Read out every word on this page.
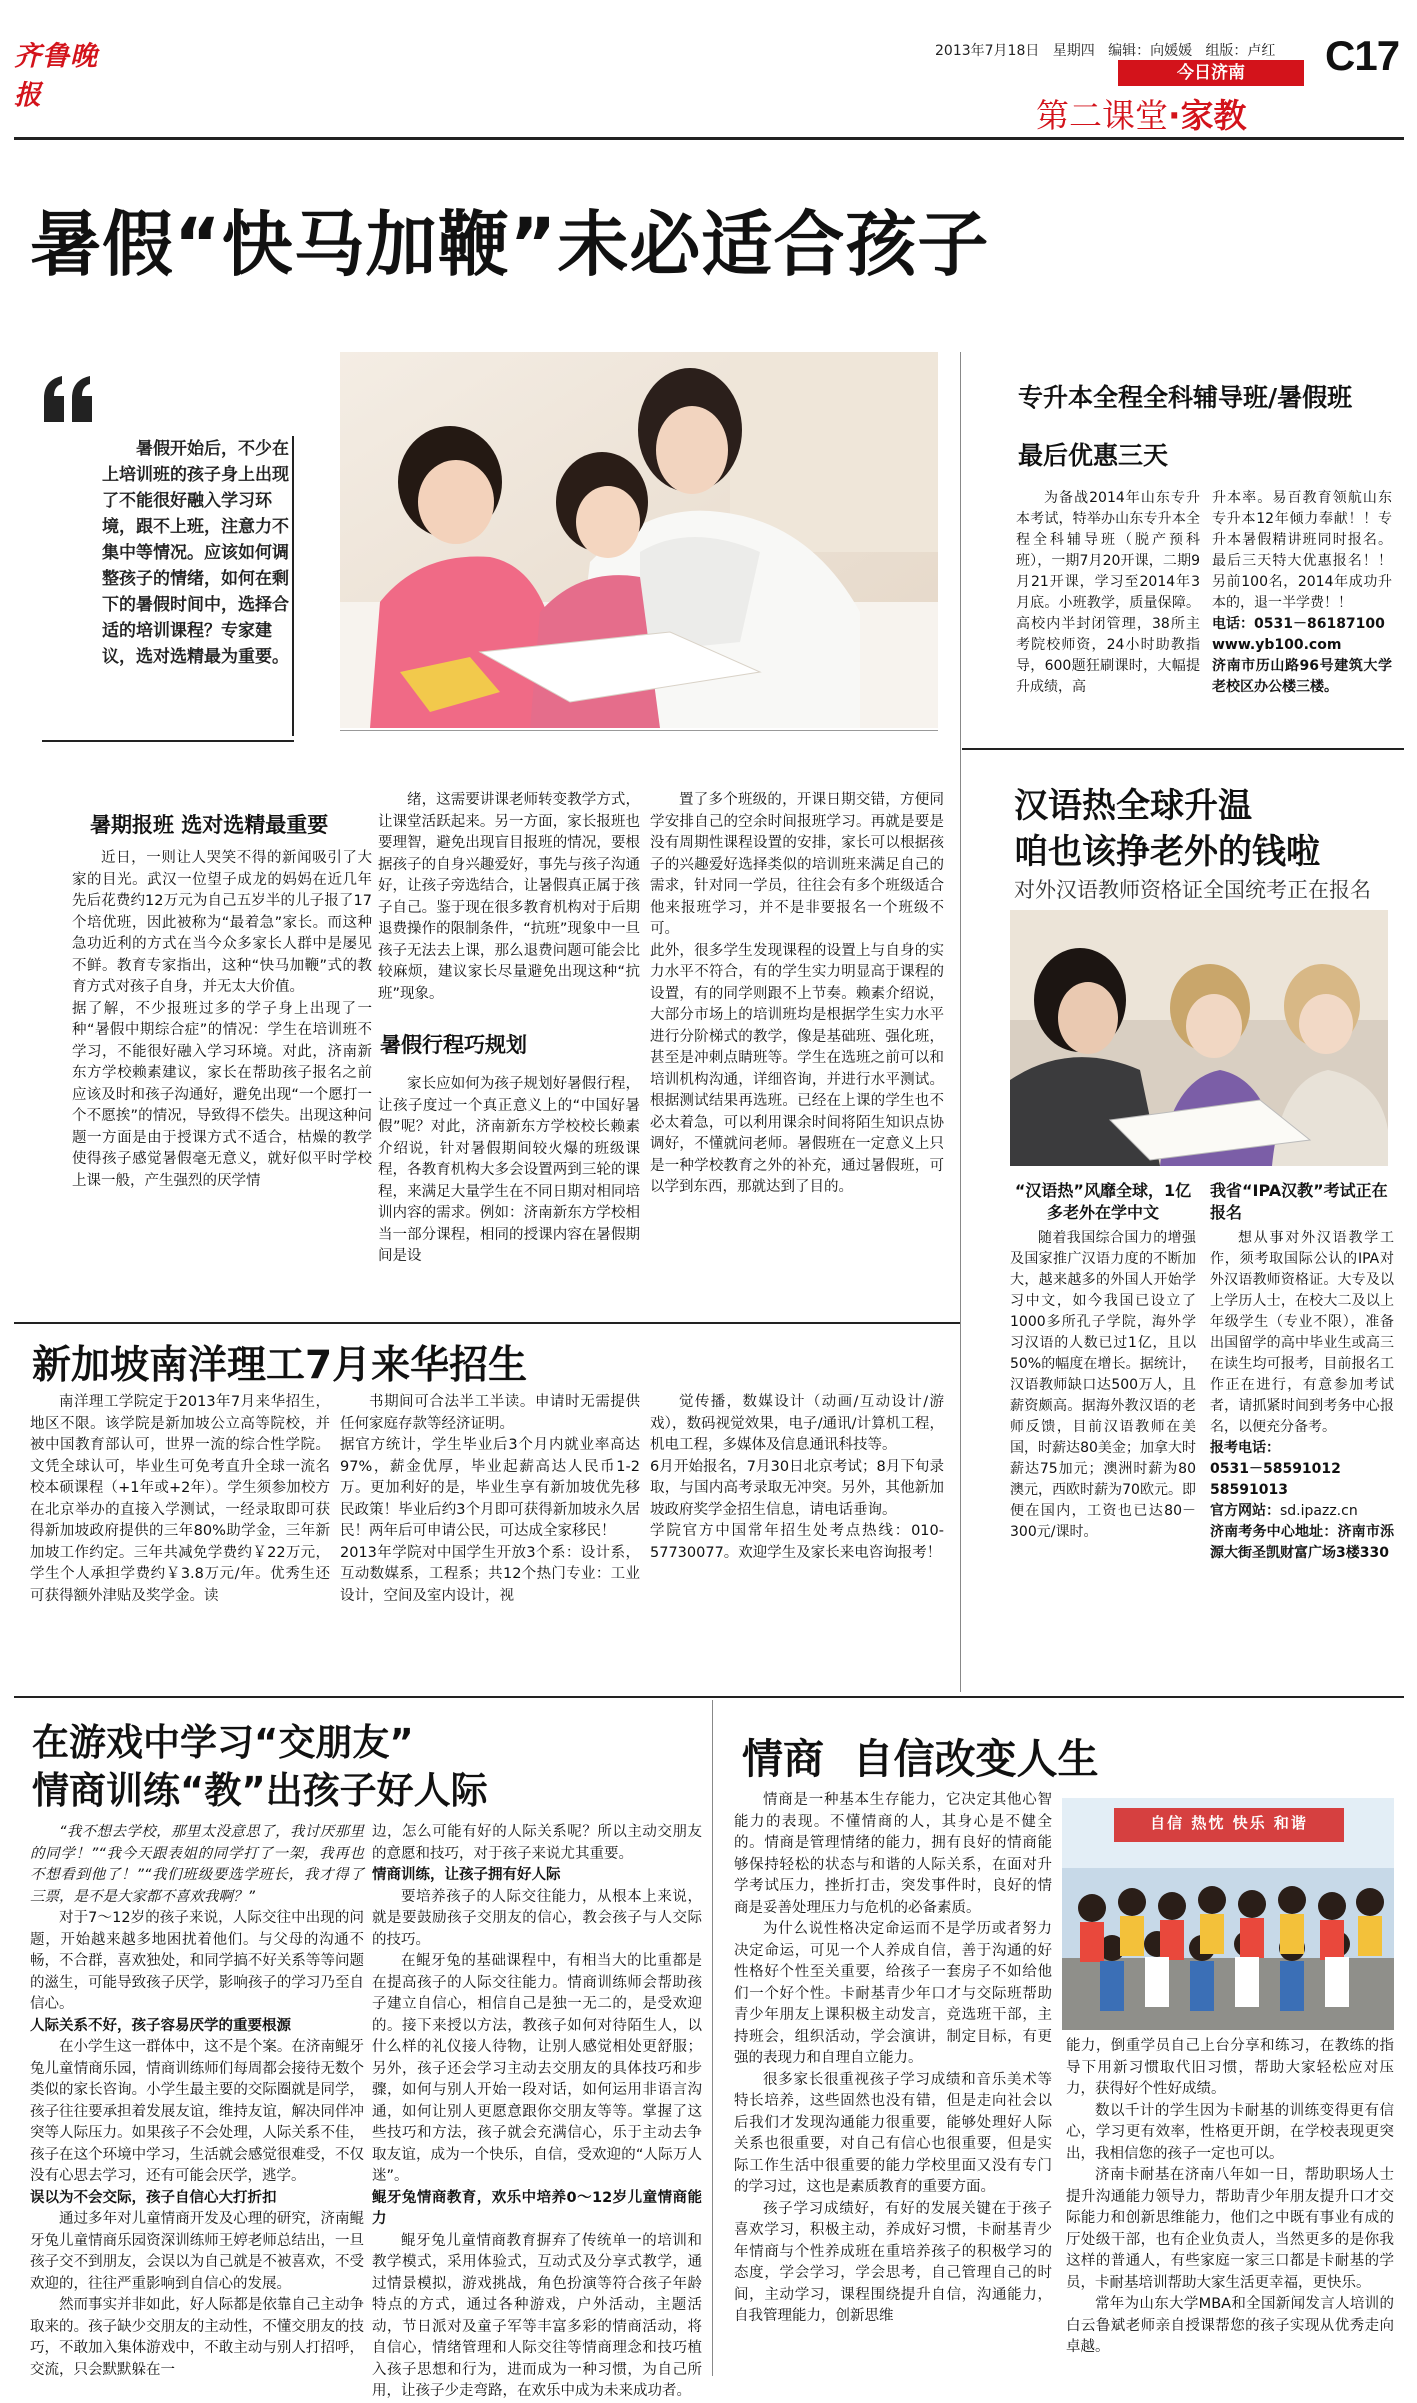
齐鲁晚报
2013年7月18日 星期四 编辑：向媛媛 组版：卢红 C17
今日济南
第二课堂·家教
暑假“快马加鞭”未必适合孩子
暑假开始后，不少在上培训班的孩子身上出现了不能很好融入学习环境，跟不上班，注意力不集中等情况。应该如何调整孩子的情绪，如何在剩下的暑假时间中，选择合适的培训课程？专家建议，选对选精最为重要。
暑期报班 选对选精最重要

近日，一则让人哭笑不得的新闻吸引了大家的目光。武汉一位望子成龙的妈妈在近几年先后花费约12万元为自己五岁半的儿子报了17个培优班，因此被称为“最着急”家长。而这种急功近利的方式在当今众多家长人群中是屡见不鲜。教育专家指出，这种“快马加鞭”式的教育方式对孩子自身，并无太大价值。
据了解，不少报班过多的学子身上出现了一种“暑假中期综合症”的情况：学生在培训班不学习，不能很好融入学习环境。对此，济南新东方学校赖素建议，家长在帮助孩子报名之前应该及时和孩子沟通好，避免出现“一个愿打一个不愿挨”的情况，导致得不偿失。出现这种问题一方面是由于授课方式不适合，枯燥的教学使得孩子感觉暑假毫无意义，就好似平时学校上课一般，产生强烈的厌学情

绪，这需要讲课老师转变教学方式，让课堂活跃起来。另一方面，家长报班也要理智，避免出现盲目报班的情况，要根据孩子的自身兴趣爱好，事先与孩子沟通好，让孩子旁选结合，让暑假真正属于孩子自己。鉴于现在很多教育机构对于后期退费操作的限制条件，“抗班”现象中一旦孩子无法去上课，那么退费问题可能会比较麻烦，建议家长尽量避免出现这种“抗班”现象。

暑假行程巧规划

家长应如何为孩子规划好暑假行程，让孩子度过一个真正意义上的“中国好暑假”呢？对此，济南新东方学校校长赖素介绍说，针对暑假期间较火爆的班级课程，各教育机构大多会设置两到三轮的课程，来满足大量学生在不同日期对相同培训内容的需求。例如：济南新东方学校相当一部分课程，相同的授课内容在暑假期间是设

置了多个班级的，开课日期交错，方便同学安排自己的空余时间报班学习。再就是要是没有周期性课程设置的安排，家长可以根据孩子的兴趣爱好选择类似的培训班来满足自己的需求，针对同一学员，往往会有多个班级适合他来报班学习，并不是非要报名一个班级不可。
此外，很多学生发现课程的设置上与自身的实力水平不符合，有的学生实力明显高于课程的设置，有的同学则跟不上节奏。赖素介绍说，大部分市场上的培训班均是根据学生实力水平进行分阶梯式的教学，像是基础班、强化班，甚至是冲刺点睛班等。学生在选班之前可以和培训机构沟通，详细咨询，并进行水平测试。根据测试结果再选班。已经在上课的学生也不必太着急，可以利用课余时间将陌生知识点协调好，不懂就问老师。暑假班在一定意义上只是一种学校教育之外的补充，通过暑假班，可以学到东西，那就达到了目的。

专升本全程全科辅导班/暑假班
最后优惠三天

为备战2014年山东专升本考试，特举办山东专升本全程全科辅导班（脱产预科班），一期7月20开课，二期9月21开课，学习至2014年3月底。小班教学，质量保障。高校内半封闭管理，38所主考院校师资，24小时助教指导，600题狂刷课时，大幅提升成绩，高

升本率。易百教育领航山东专升本12年倾力奉献！！专升本暑假精讲班同时报名。最后三天特大优惠报名！！另前100名，2014年成功升本的，退一半学费！！

电话：0531－86187100

www.yb100.com

济南市历山路96号建筑大学老校区办公楼三楼。

汉语热全球升温
咱也该挣老外的钱啦
对外汉语教师资格证全国统考正在报名
“汉语热”风靡全球，1亿多老外在学中文

随着我国综合国力的增强及国家推广汉语力度的不断加大，越来越多的外国人开始学习中文，如今我国已设立了1000多所孔子学院，海外学习汉语的人数已过1亿，且以50%的幅度在增长。据统计，汉语教师缺口达500万人，且薪资颇高。据海外教汉语的老师反馈，目前汉语教师在美国，时薪达80美金；加拿大时薪达75加元；澳洲时薪为80澳元，西欧时薪为70欧元。即便在国内，工资也已达80－300元/课时。

我省“IPA汉教”考试正在报名

想从事对外汉语教学工作，须考取国际公认的IPA对外汉语教师资格证。大专及以上学历人士，在校大二及以上年级学生（专业不限），准备出国留学的高中毕业生或高三在读生均可报考，目前报名工作正在进行，有意参加考试者，请抓紧时间到考务中心报名，以便充分备考。

报考电话：

0531－58591012 58591013

官方网站：sd.ipazz.cn

济南考务中心地址：济南市泺源大街圣凯财富广场3楼330

新加坡南洋理工7月来华招生

南洋理工学院定于2013年7月来华招生，地区不限。该学院是新加坡公立高等院校，并被中国教育部认可，世界一流的综合性学院。文凭全球认可，毕业生可免考直升全球一流名校本硕课程（+1年或+2年）。学生须参加校方在北京举办的直接入学测试，一经录取即可获得新加坡政府提供的三年80%助学金，三年新加坡工作约定。三年共减免学费约￥22万元，学生个人承担学费约￥3.8万元/年。优秀生还可获得额外津贴及奖学金。读

书期间可合法半工半读。申请时无需提供任何家庭存款等经济证明。
据官方统计，学生毕业后3个月内就业率高达97%，薪金优厚，毕业起薪高达人民币1-2万。更加利好的是，毕业生享有新加坡优先移民政策！毕业后约3个月即可获得新加坡永久居民！两年后可申请公民，可达成全家移民！
2013年学院对中国学生开放3个系：设计系，互动数媒系，工程系；共12个热门专业：工业设计，空间及室内设计，视

觉传播，数媒设计（动画/互动设计/游戏），数码视觉效果，电子/通讯/计算机工程，机电工程，多媒体及信息通讯科技等。
6月开始报名，7月30日北京考试；8月下旬录取，与国内高考录取无冲突。另外，其他新加坡政府奖学金招生信息，请电话垂询。
学院官方中国常年招生处考点热线：010-57730077。欢迎学生及家长来电咨询报考！

在游戏中学习“交朋友”
情商训练“教”出孩子好人际

“我不想去学校，那里太没意思了，我讨厌那里的同学！”“我今天跟表姐的同学打了一架，我再也不想看到他了！”“我们班级要选学班长，我才得了三票，是不是大家都不喜欢我啊？”

对于7～12岁的孩子来说，人际交往中出现的问题，开始越来越多地困扰着他们。与父母的沟通不畅，不合群，喜欢独处，和同学搞不好关系等等问题的滋生，可能导致孩子厌学，影响孩子的学习乃至自信心。

人际关系不好，孩子容易厌学的重要根源

在小学生这一群体中，这不是个案。在济南鲲牙兔儿童情商乐园，情商训练师们每周都会接待无数个类似的家长咨询。小学生最主要的交际圈就是同学，孩子往往要承担着发展友谊，维持友谊，解决同伴冲突等人际压力。如果孩子不会处理，人际关系不佳，孩子在这个环境中学习，生活就会感觉很难受，不仅没有心思去学习，还有可能会厌学，逃学。

误以为不会交际，孩子自信心大打折扣

通过多年对儿童情商开发及心理的研究，济南鲲牙兔儿童情商乐园资深训练师王婷老师总结出，一旦孩子交不到朋友，会误以为自己就是不被喜欢，不受欢迎的，往往严重影响到自信心的发展。

然而事实并非如此，好人际都是依靠自己主动争取来的。孩子缺少交朋友的主动性，不懂交朋友的技巧，不敢加入集体游戏中，不敢主动与别人打招呼，交流，只会默默躲在一

边，怎么可能有好的人际关系呢？所以主动交朋友的意愿和技巧，对于孩子来说尤其重要。

情商训练，让孩子拥有好人际

要培养孩子的人际交往能力，从根本上来说，就是要鼓励孩子交朋友的信心，教会孩子与人交际的技巧。

在鲲牙兔的基础课程中，有相当大的比重都是在提高孩子的人际交往能力。情商训练师会帮助孩子建立自信心，相信自己是独一无二的，是受欢迎的。接下来授以方法，教孩子如何对待陌生人，以什么样的礼仪接人待物，让别人感觉相处更舒服；另外，孩子还会学习主动去交朋友的具体技巧和步骤，如何与别人开始一段对话，如何运用非语言沟通，如何让别人更愿意跟你交朋友等等。掌握了这些技巧和方法，孩子就会充满信心，乐于主动去争取友谊，成为一个快乐，自信，受欢迎的“人际万人迷”。

鲲牙兔情商教育，欢乐中培养0～12岁儿童情商能力

鲲牙兔儿童情商教育摒弃了传统单一的培训和教学模式，采用体验式，互动式及分享式教学，通过情景模拟，游戏挑战，角色扮演等符合孩子年龄特点的方式，通过各种游戏，户外活动，主题活动，节日派对及童子军等丰富多彩的情商活动，将自信心，情绪管理和人际交往等情商理念和技巧植入孩子思想和行为，进而成为一种习惯，为自己所用，让孩子少走弯路，在欢乐中成为未来成功者。

情商  自信改变人生

情商是一种基本生存能力，它决定其他心智能力的表现。不懂情商的人，其身心是不健全的。情商是管理情绪的能力，拥有良好的情商能够保持轻松的状态与和谐的人际关系，在面对升学考试压力，挫折打击，突发事件时，良好的情商是妥善处理压力与危机的必备素质。

为什么说性格决定命运而不是学历或者努力决定命运，可见一个人养成自信，善于沟通的好性格好个性至关重要，给孩子一套房子不如给他们一个好个性。卡耐基青少年口才与交际班帮助青少年朋友上课积极主动发言，竞选班干部，主持班会，组织活动，学会演讲，制定目标，有更强的表现力和自理自立能力。

很多家长很重视孩子学习成绩和音乐美术等特长培养，这些固然也没有错，但是走向社会以后我们才发现沟通能力很重要，能够处理好人际关系也很重要，对自己有信心也很重要，但是实际工作生活中很重要的能力学校里面又没有专门的学习过，这也是素质教育的重要方面。

孩子学习成绩好，有好的发展关键在于孩子喜欢学习，积极主动，养成好习惯，卡耐基青少年情商与个性养成班在重培养孩子的积极学习的态度，学会学习，学会思考，自己管理自己的时间，主动学习，课程围绕提升自信，沟通能力，自我管理能力，创新思维

自信 热忱 快乐 和谐

能力，倒重学员自己上台分享和练习，在教练的指导下用新习惯取代旧习惯，帮助大家轻松应对压力，获得好个性好成绩。

数以千计的学生因为卡耐基的训练变得更有信心，学习更有效率，性格更开朗，在学校表现更突出，我相信您的孩子一定也可以。

济南卡耐基在济南八年如一日，帮助职场人士提升沟通能力领导力，帮助青少年朋友提升口才交际能力和创新思维能力，他们之中既有事业有成的厅处级干部，也有企业负责人，当然更多的是你我这样的普通人，有些家庭一家三口都是卡耐基的学员，卡耐基培训帮助大家生活更幸福，更快乐。

常年为山东大学MBA和全国新闻发言人培训的白云鲁斌老师亲自授课帮您的孩子实现从优秀走向卓越。
